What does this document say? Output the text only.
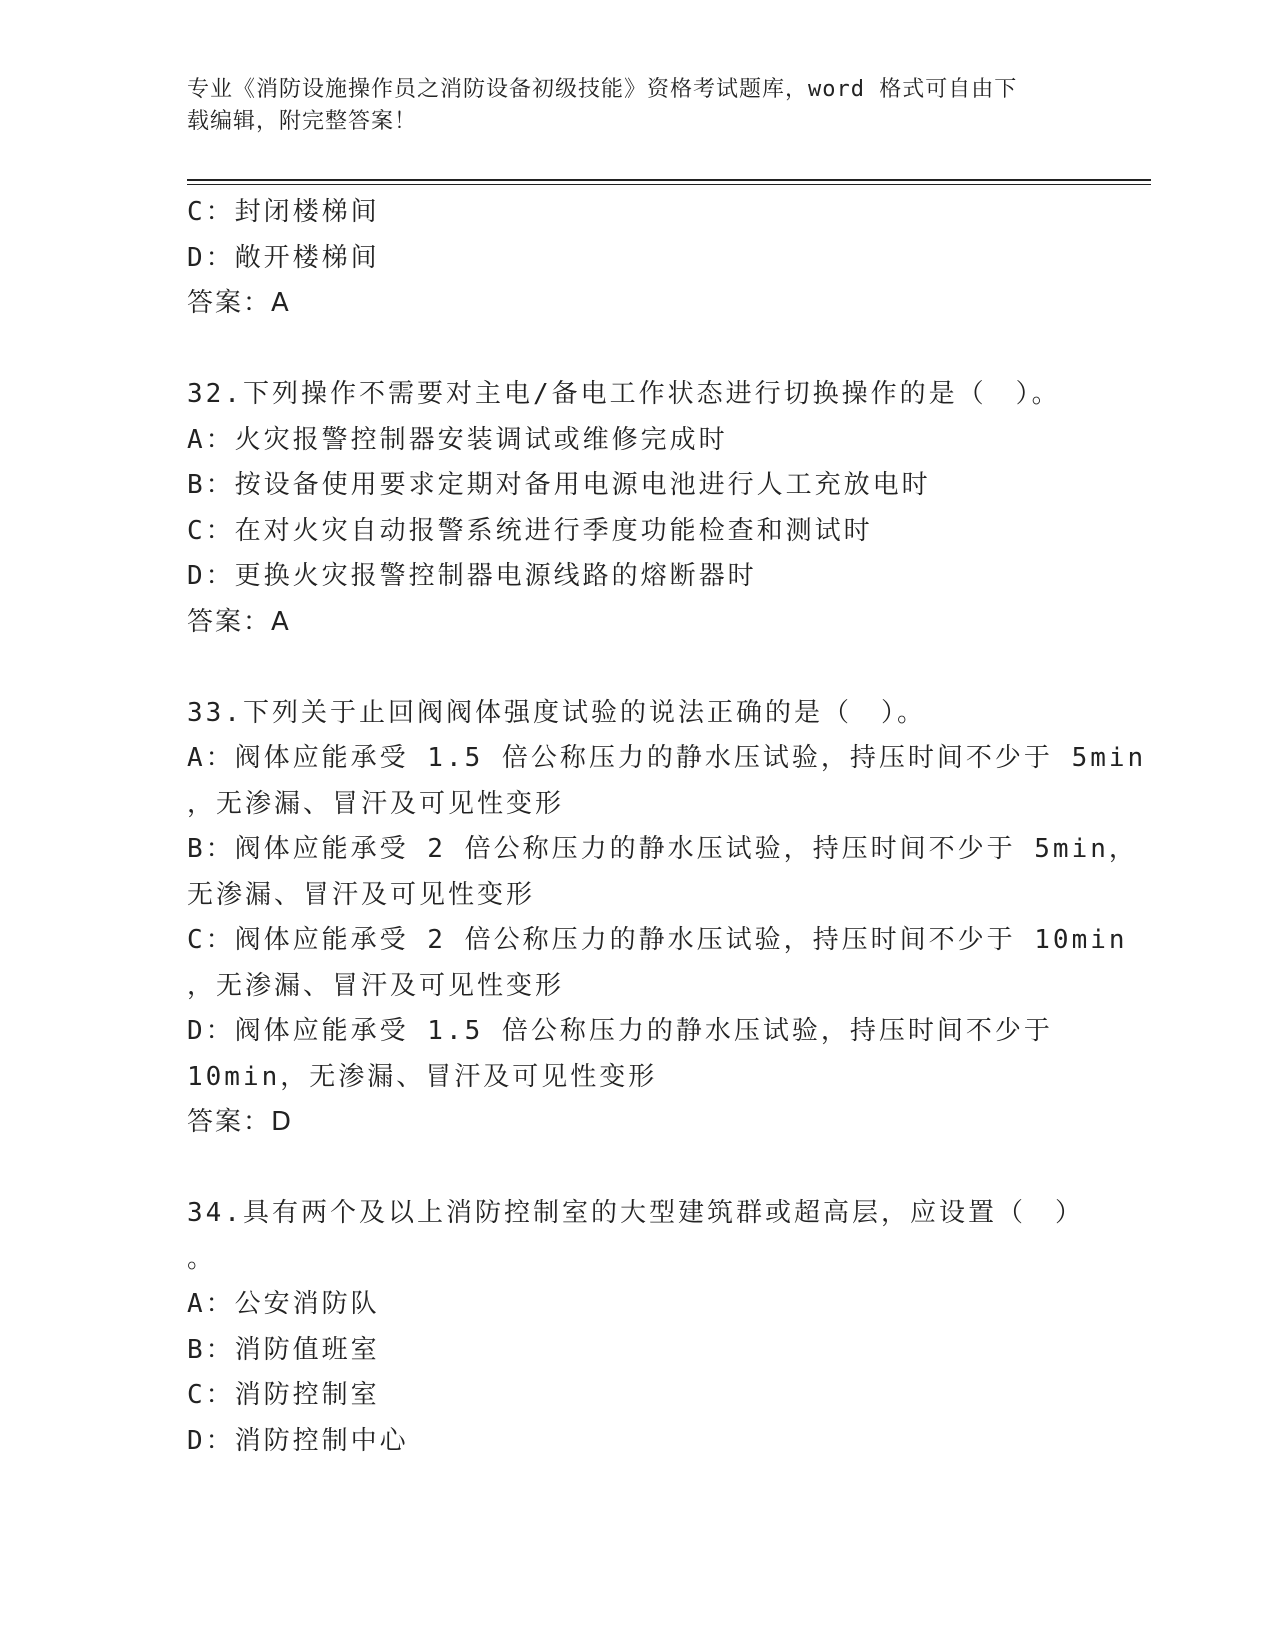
专业《消防设施操作员之消防设备初级技能》资格考试题库，word 格式可自由下
载编辑，附完整答案！
C：封闭楼梯间
D：敞开楼梯间
答案：A
32.下列操作不需要对主电/备电工作状态进行切换操作的是（　）。
A：火灾报警控制器安装调试或维修完成时
B：按设备使用要求定期对备用电源电池进行人工充放电时
C：在对火灾自动报警系统进行季度功能检查和测试时
D：更换火灾报警控制器电源线路的熔断器时
答案：A
33.下列关于止回阀阀体强度试验的说法正确的是（　）。
A：阀体应能承受 1.5 倍公称压力的静水压试验，持压时间不少于 5min
，无渗漏、冒汗及可见性变形
B：阀体应能承受 2 倍公称压力的静水压试验，持压时间不少于 5min，
无渗漏、冒汗及可见性变形
C：阀体应能承受 2 倍公称压力的静水压试验，持压时间不少于 10min
，无渗漏、冒汗及可见性变形
D：阀体应能承受 1.5 倍公称压力的静水压试验，持压时间不少于
10min，无渗漏、冒汗及可见性变形
答案：D
34.具有两个及以上消防控制室的大型建筑群或超高层，应设置（　）
。
A：公安消防队
B：消防值班室
C：消防控制室
D：消防控制中心
